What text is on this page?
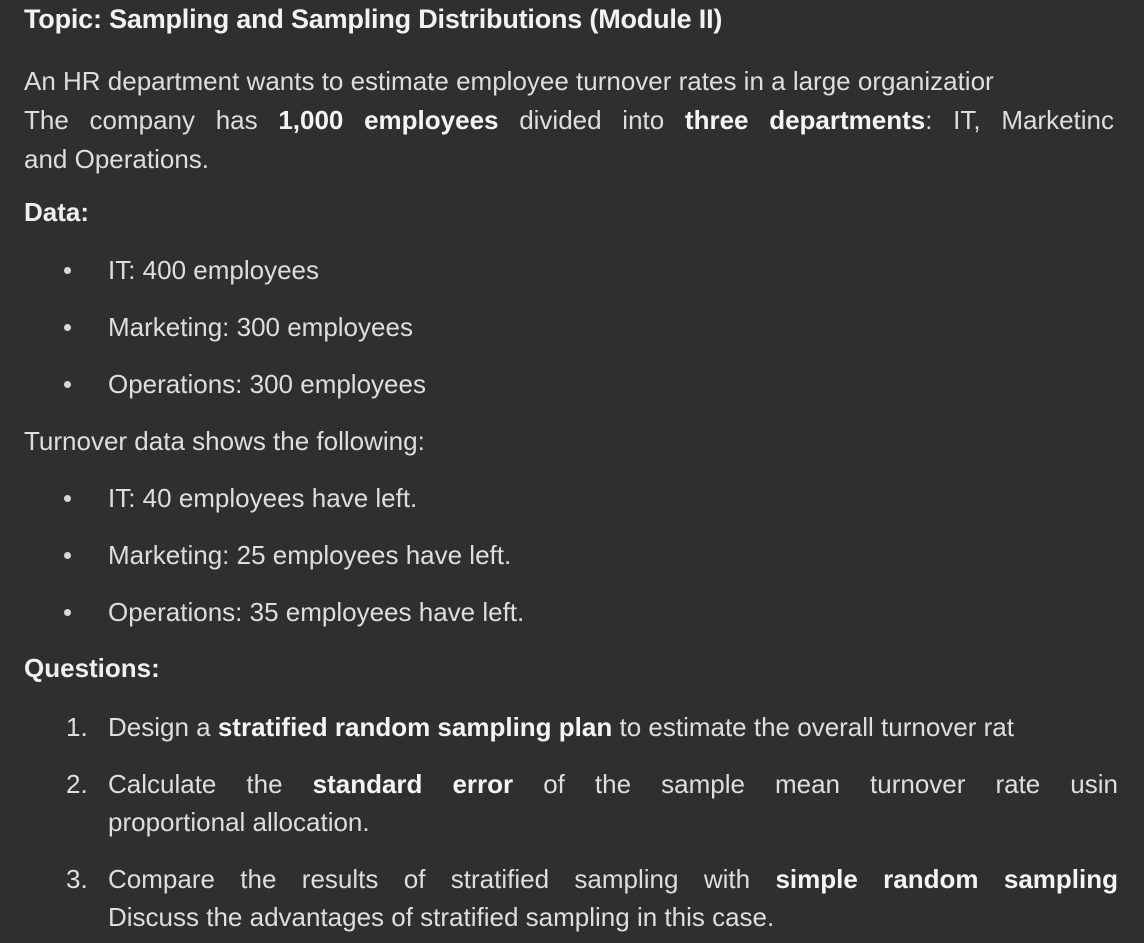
Topic: Sampling and Sampling Distributions (Module II)
An HR department wants to estimate employee turnover rates in a large organizatior
The company has 1,000 employees divided into three departments: IT, Marketinc
and Operations.
Data:
IT: 400 employees
Marketing: 300 employees
Operations: 300 employees
Turnover data shows the following:
IT: 40 employees have left.
Marketing: 25 employees have left.
Operations: 35 employees have left.
Questions:
1. Design a stratified random sampling plan to estimate the overall turnover rat
2. Calculate the standard error of the sample mean turnover rate usin
proportional allocation.
3. Compare the results of stratified sampling with simple random sampling
Discuss the advantages of stratified sampling in this case.
